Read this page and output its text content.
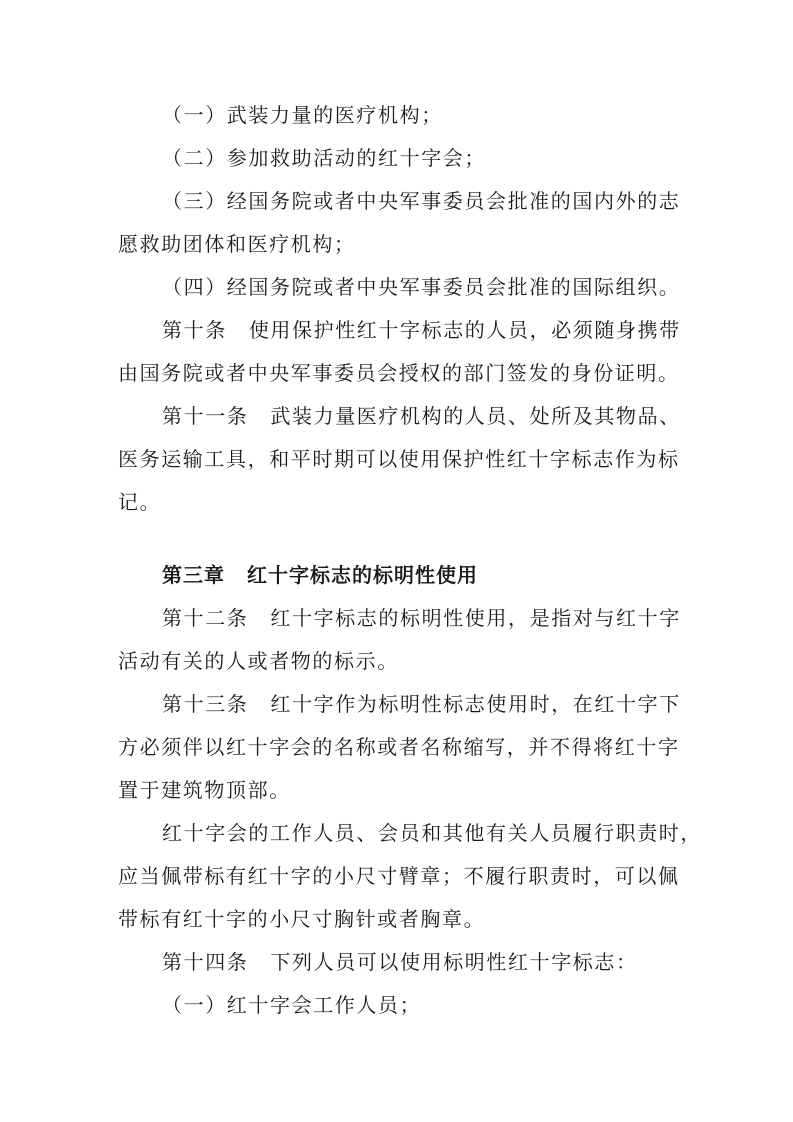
（一）武装力量的医疗机构；
（二）参加救助活动的红十字会；
（三）经国务院或者中央军事委员会批准的国内外的志
愿救助团体和医疗机构；
（四）经国务院或者中央军事委员会批准的国际组织。
第十条 使用保护性红十字标志的人员，必须随身携带
由国务院或者中央军事委员会授权的部门签发的身份证明。
第十一条 武装力量医疗机构的人员、处所及其物品、
医务运输工具，和平时期可以使用保护性红十字标志作为标
记。
第三章 红十字标志的标明性使用
第十二条 红十字标志的标明性使用，是指对与红十字
活动有关的人或者物的标示。
第十三条 红十字作为标明性标志使用时，在红十字下
方必须伴以红十字会的名称或者名称缩写，并不得将红十字
置于建筑物顶部。
红十字会的工作人员、会员和其他有关人员履行职责时，
应当佩带标有红十字的小尺寸臂章；不履行职责时，可以佩
带标有红十字的小尺寸胸针或者胸章。
第十四条 下列人员可以使用标明性红十字标志：
（一）红十字会工作人员；
